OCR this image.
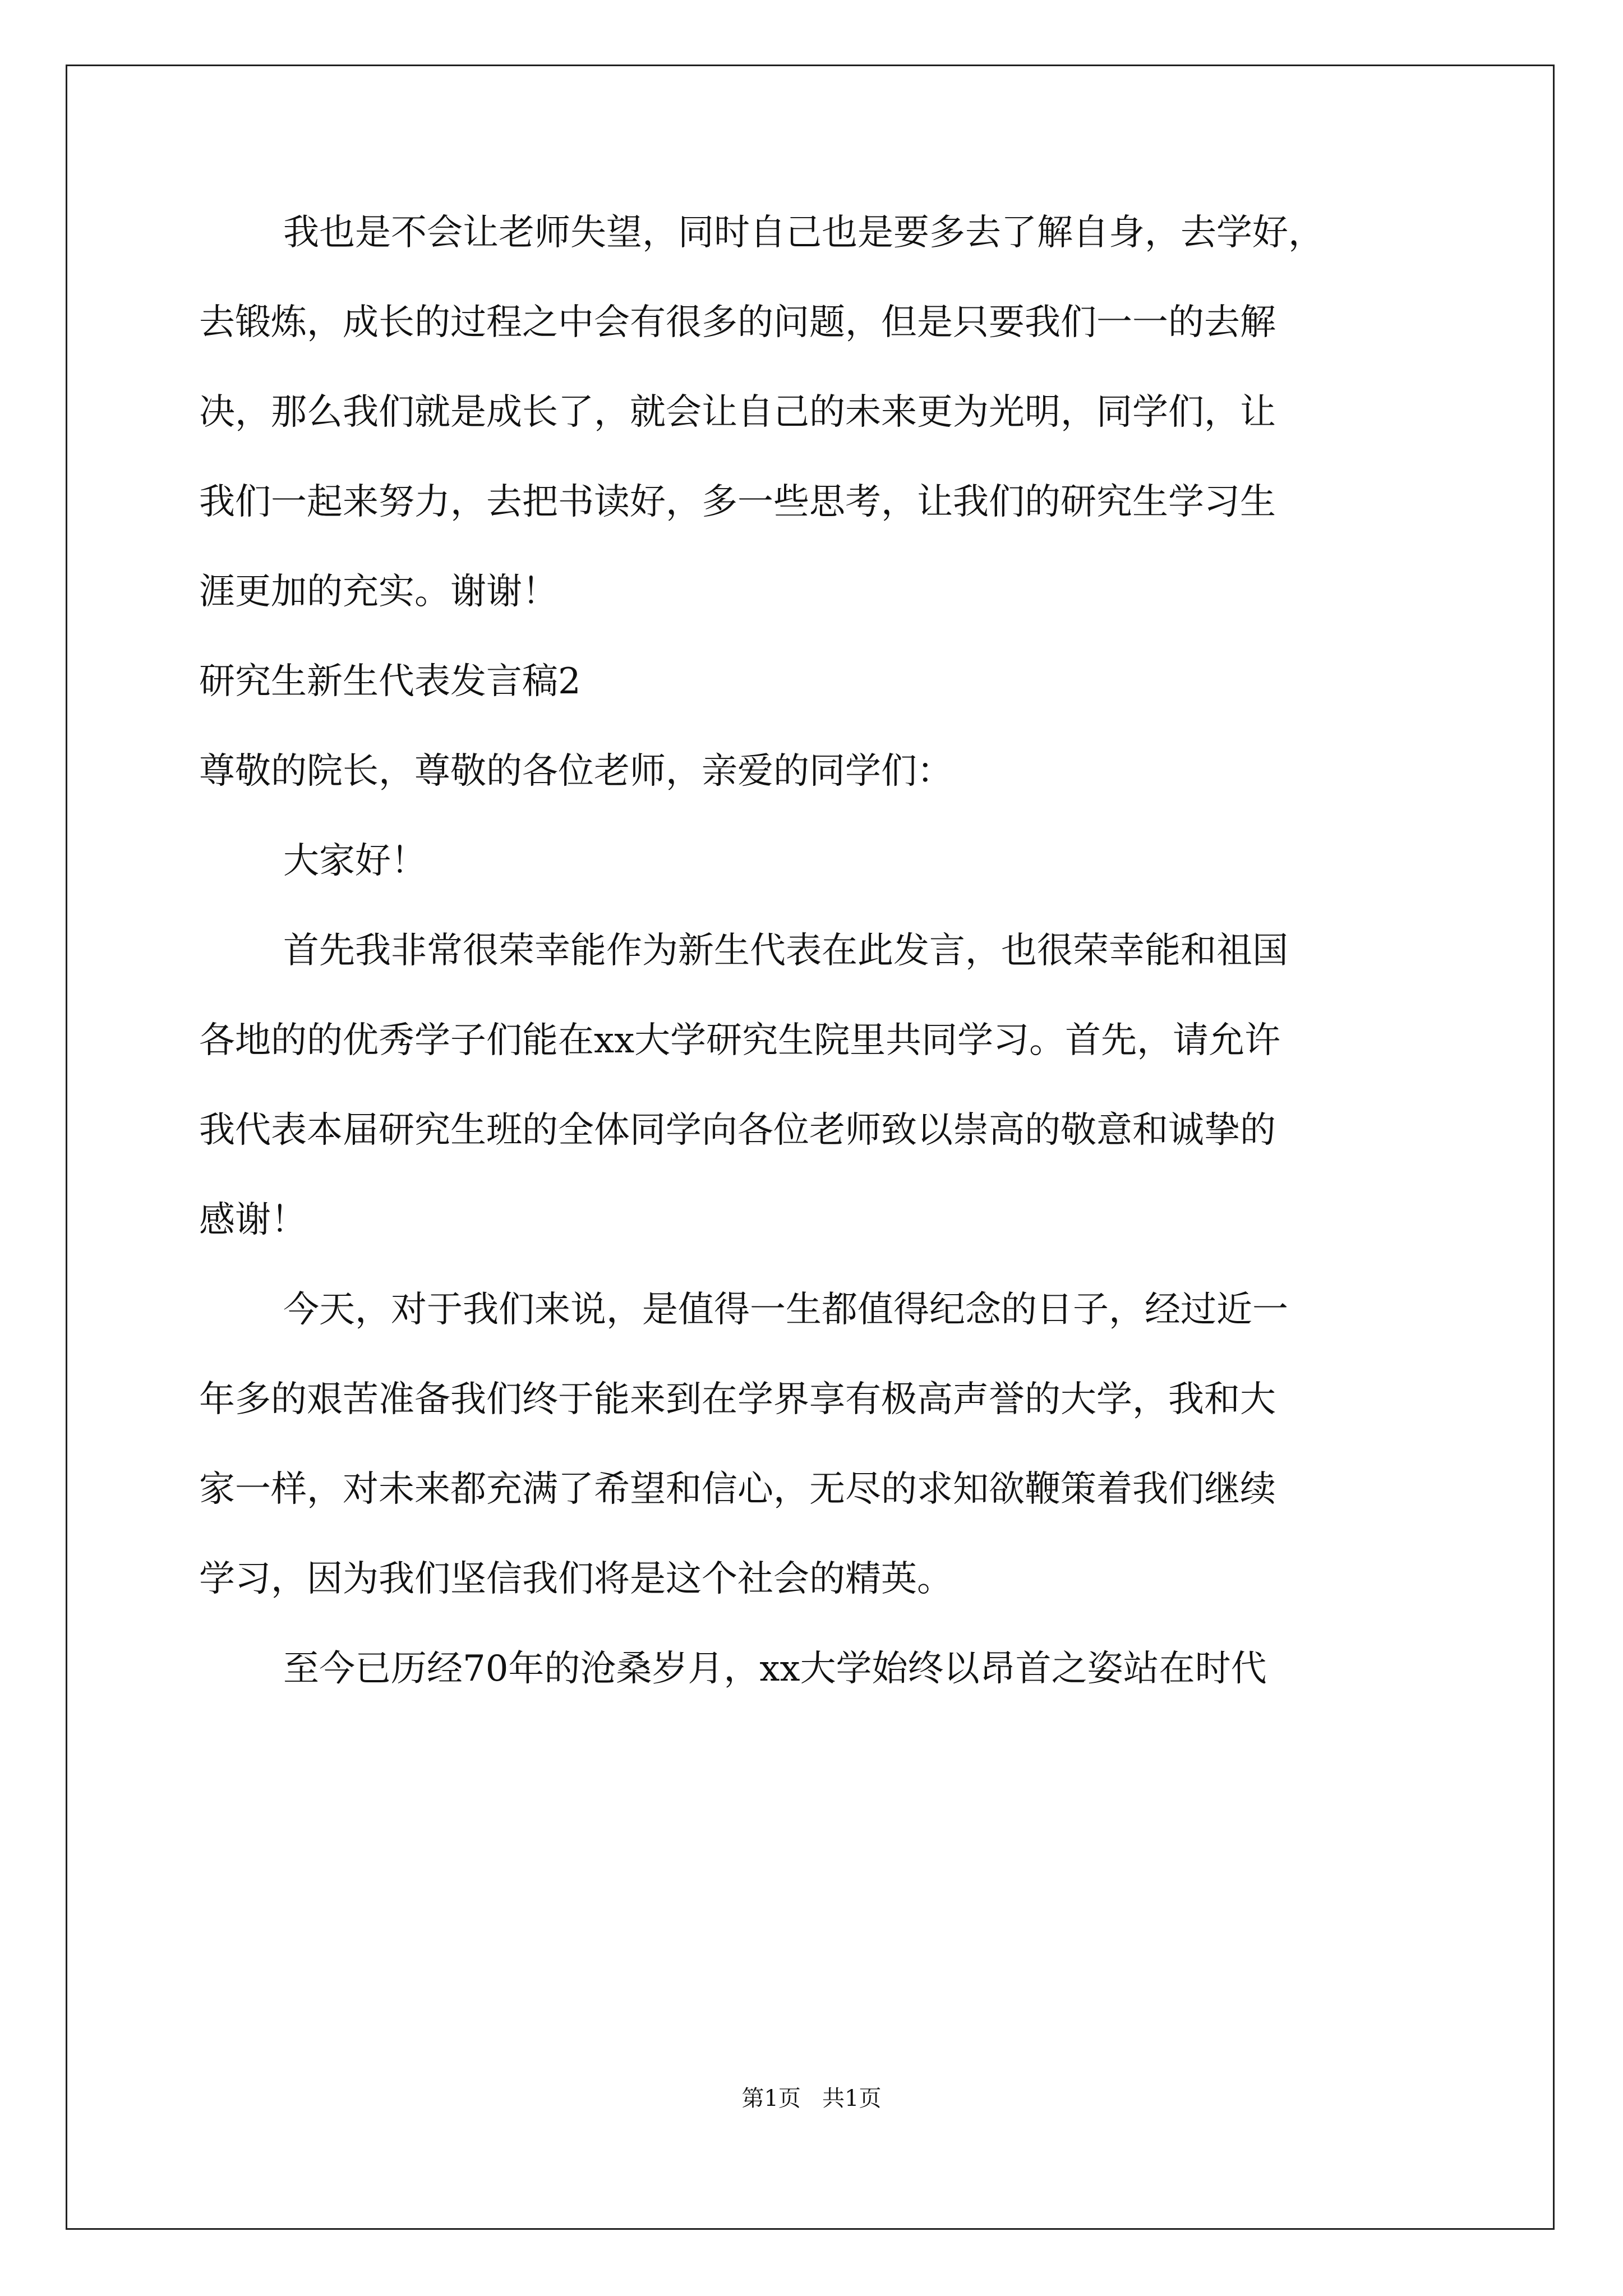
我也是不会让老师失望，同时自己也是要多去了解自身，去学好，
去锻炼，成长的过程之中会有很多的问题，但是只要我们一一的去解
决，那么我们就是成长了，就会让自己的未来更为光明，同学们，让
我们一起来努力，去把书读好，多一些思考，让我们的研究生学习生
涯更加的充实。谢谢！
研究生新生代表发言稿2
尊敬的院长，尊敬的各位老师，亲爱的同学们：
大家好！
首先我非常很荣幸能作为新生代表在此发言，也很荣幸能和祖国
各地的的优秀学子们能在xx大学研究生院里共同学习。首先，请允许
我代表本届研究生班的全体同学向各位老师致以崇高的敬意和诚挚的
感谢！
今天，对于我们来说，是值得一生都值得纪念的日子，经过近一
年多的艰苦准备我们终于能来到在学界享有极高声誉的大学，我和大
家一样，对未来都充满了希望和信心，无尽的求知欲鞭策着我们继续
学习，因为我们坚信我们将是这个社会的精英。
至今已历经70年的沧桑岁月，xx大学始终以昂首之姿站在时代
第1页   共1页
